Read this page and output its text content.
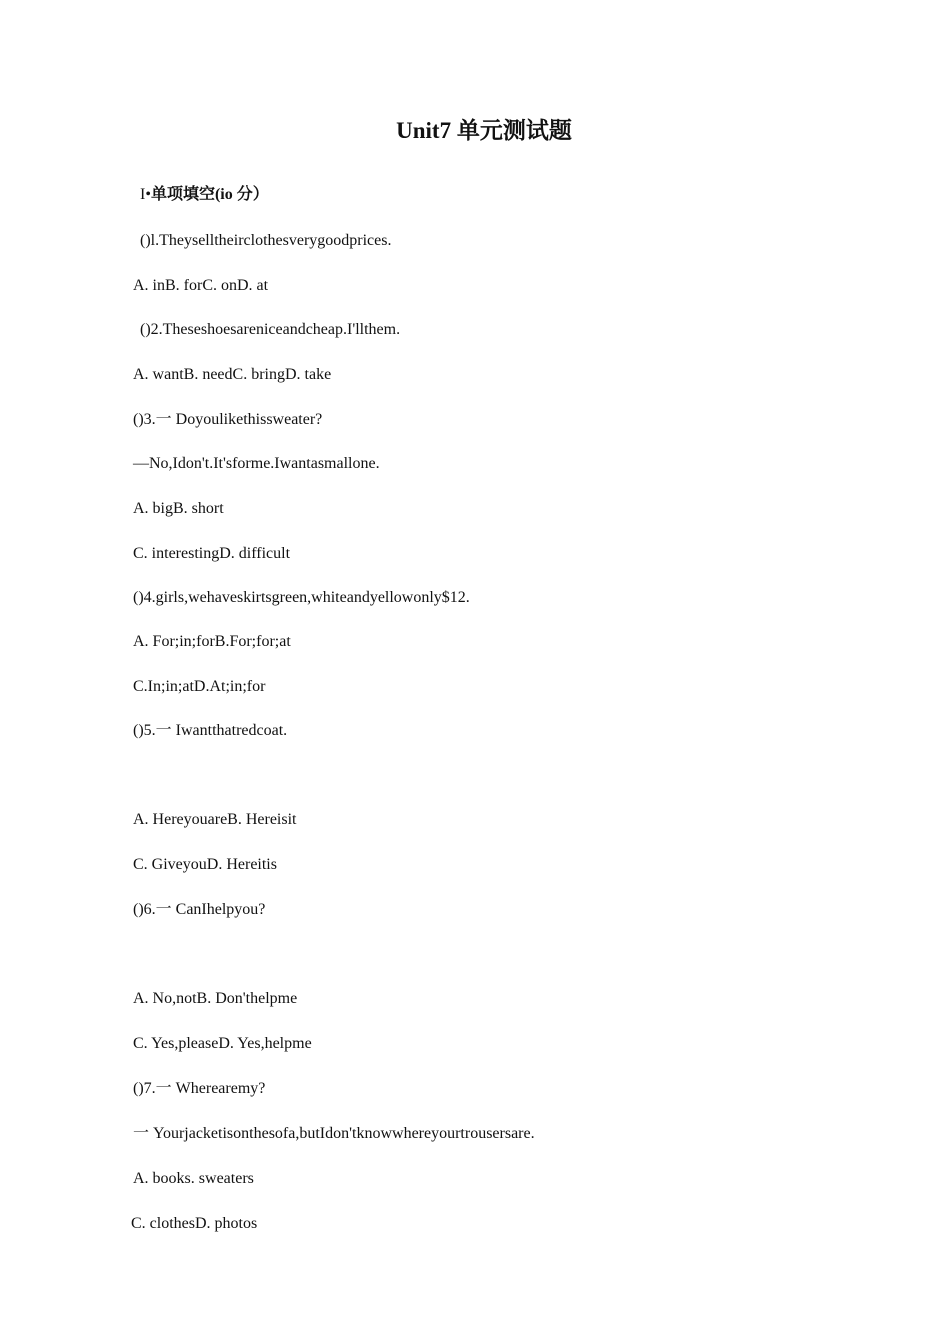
Unit7 单元测试题
I•单项填空(io 分）
()l.Theyselltheirclothesverygoodprices.
A. inB. forC. onD. at
()2.Theseshoesareniceandcheap.I'llthem.
A. wantB. needC. bringD. take
()3.一 Doyoulikethissweater?
—No,Idon't.It'sforme.Iwantasmallone.
A. bigB. short
C. interestingD. difficult
()4.girls,wehaveskirtsgreen,whiteandyellowonly$12.
A. For;in;forB.For;for;at
C.In;in;atD.At;in;for
()5.一 Iwantthatredcoat.
A. HereyouareB. Hereisit
C. GiveyouD. Hereitis
()6.一 CanIhelpyou?
A. No,notB. Don'thelpme
C. Yes,pleaseD. Yes,helpme
()7.一 Wherearemy?
一 Yourjacketisonthesofa,butIdon'tknowwhereyourtrousersare.
A. books. sweaters
C. clothesD. photos
